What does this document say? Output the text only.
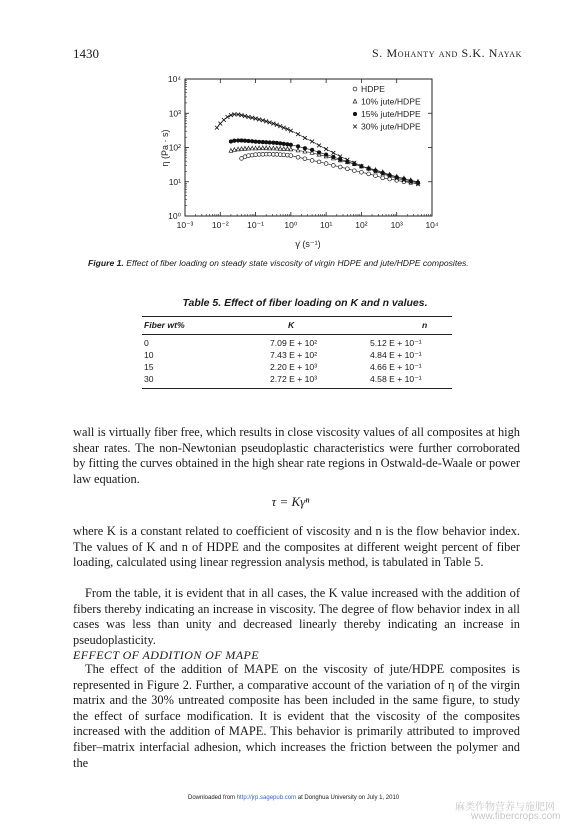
1430	S. Mohanty and S.K. Nayak
10⁻³ 10⁻² 10⁻¹ 10⁰	10¹	10²	10³	10⁴
10⁰
10¹
10²
10³
10⁴
η (Pa · s)
γ̇ (s⁻¹)
HDPE
10% jute/HDPE
15% jute/HDPE
30% jute/HDPE
Figure 1. Effect of fiber loading on steady state viscosity of virgin HDPE and jute/HDPE composites.
Table 5. Effect of fiber loading on K and n values.
Fiber wt%	K	n
0	7.09 E + 10²	5.12 E + 10⁻¹
10	7.43 E + 10²	4.84 E + 10⁻¹
15	2.20 E + 10³	4.66 E + 10⁻¹
30	2.72 E + 10³	4.58 E + 10⁻¹
wall is virtually fiber free, which results in close viscosity values of all composites at high shear rates. The non-Newtonian pseudoplastic characteristics were further corroborated by fitting the curves obtained in the high shear rate regions in Ostwald-de-Waale or power law equation.
τ = Kγⁿ
where K is a constant related to coefficient of viscosity and n is the flow behavior index. The values of K and n of HDPE and the composites at different weight percent of fiber loading, calculated using linear regression analysis method, is tabulated in Table 5.
From the table, it is evident that in all cases, the K value increased with the addition of fibers thereby indicating an increase in viscosity. The degree of flow behavior index in all cases was less than unity and decreased linearly thereby indicating an increase in pseudoplasticity.
EFFECT OF ADDITION OF MAPE
The effect of the addition of MAPE on the viscosity of jute/HDPE composites is represented in Figure 2. Further, a comparative account of the variation of η of the virgin matrix and the 30% untreated composite has been included in the same figure, to study the effect of surface modification. It is evident that the viscosity of the composites increased with the addition of MAPE. This behavior is primarily attributed to improved fiber–matrix interfacial adhesion, which increases the friction between the polymer and the
Downloaded from http://jrp.sagepub.com at Donghua University on July 1, 2010
麻类作物营养与施肥网
www.fibercrops.com
